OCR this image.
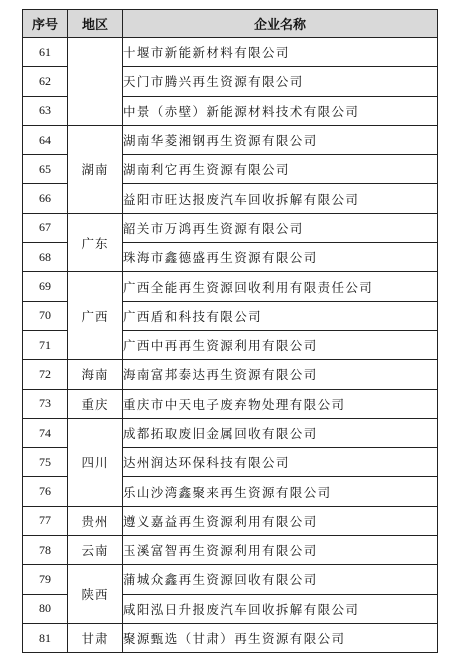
序号	地区	企业名称
61		十堰市新能新材料有限公司
62		天门市腾兴再生资源有限公司
63		中景（赤壁）新能源材料技术有限公司
64	湖南	湖南华菱湘钢再生资源有限公司
65		湖南利它再生资源有限公司
66		益阳市旺达报废汽车回收拆解有限公司
67	广东	韶关市万鸿再生资源有限公司
68		珠海市鑫德盛再生资源有限公司
69	广西	广西全能再生资源回收利用有限责任公司
70		广西盾和科技有限公司
71		广西中再再生资源利用有限公司
72	海南	海南富邦泰达再生资源有限公司
73	重庆	重庆市中天电子废弃物处理有限公司
74	四川	成都拓取废旧金属回收有限公司
75		达州润达环保科技有限公司
76		乐山沙湾鑫聚来再生资源有限公司
77	贵州	遵义嘉益再生资源利用有限公司
78	云南	玉溪富智再生资源利用有限公司
79	陕西	蒲城众鑫再生资源回收有限公司
80		咸阳泓日升报废汽车回收拆解有限公司
81	甘肃	聚源甄选（甘肃）再生资源有限公司
